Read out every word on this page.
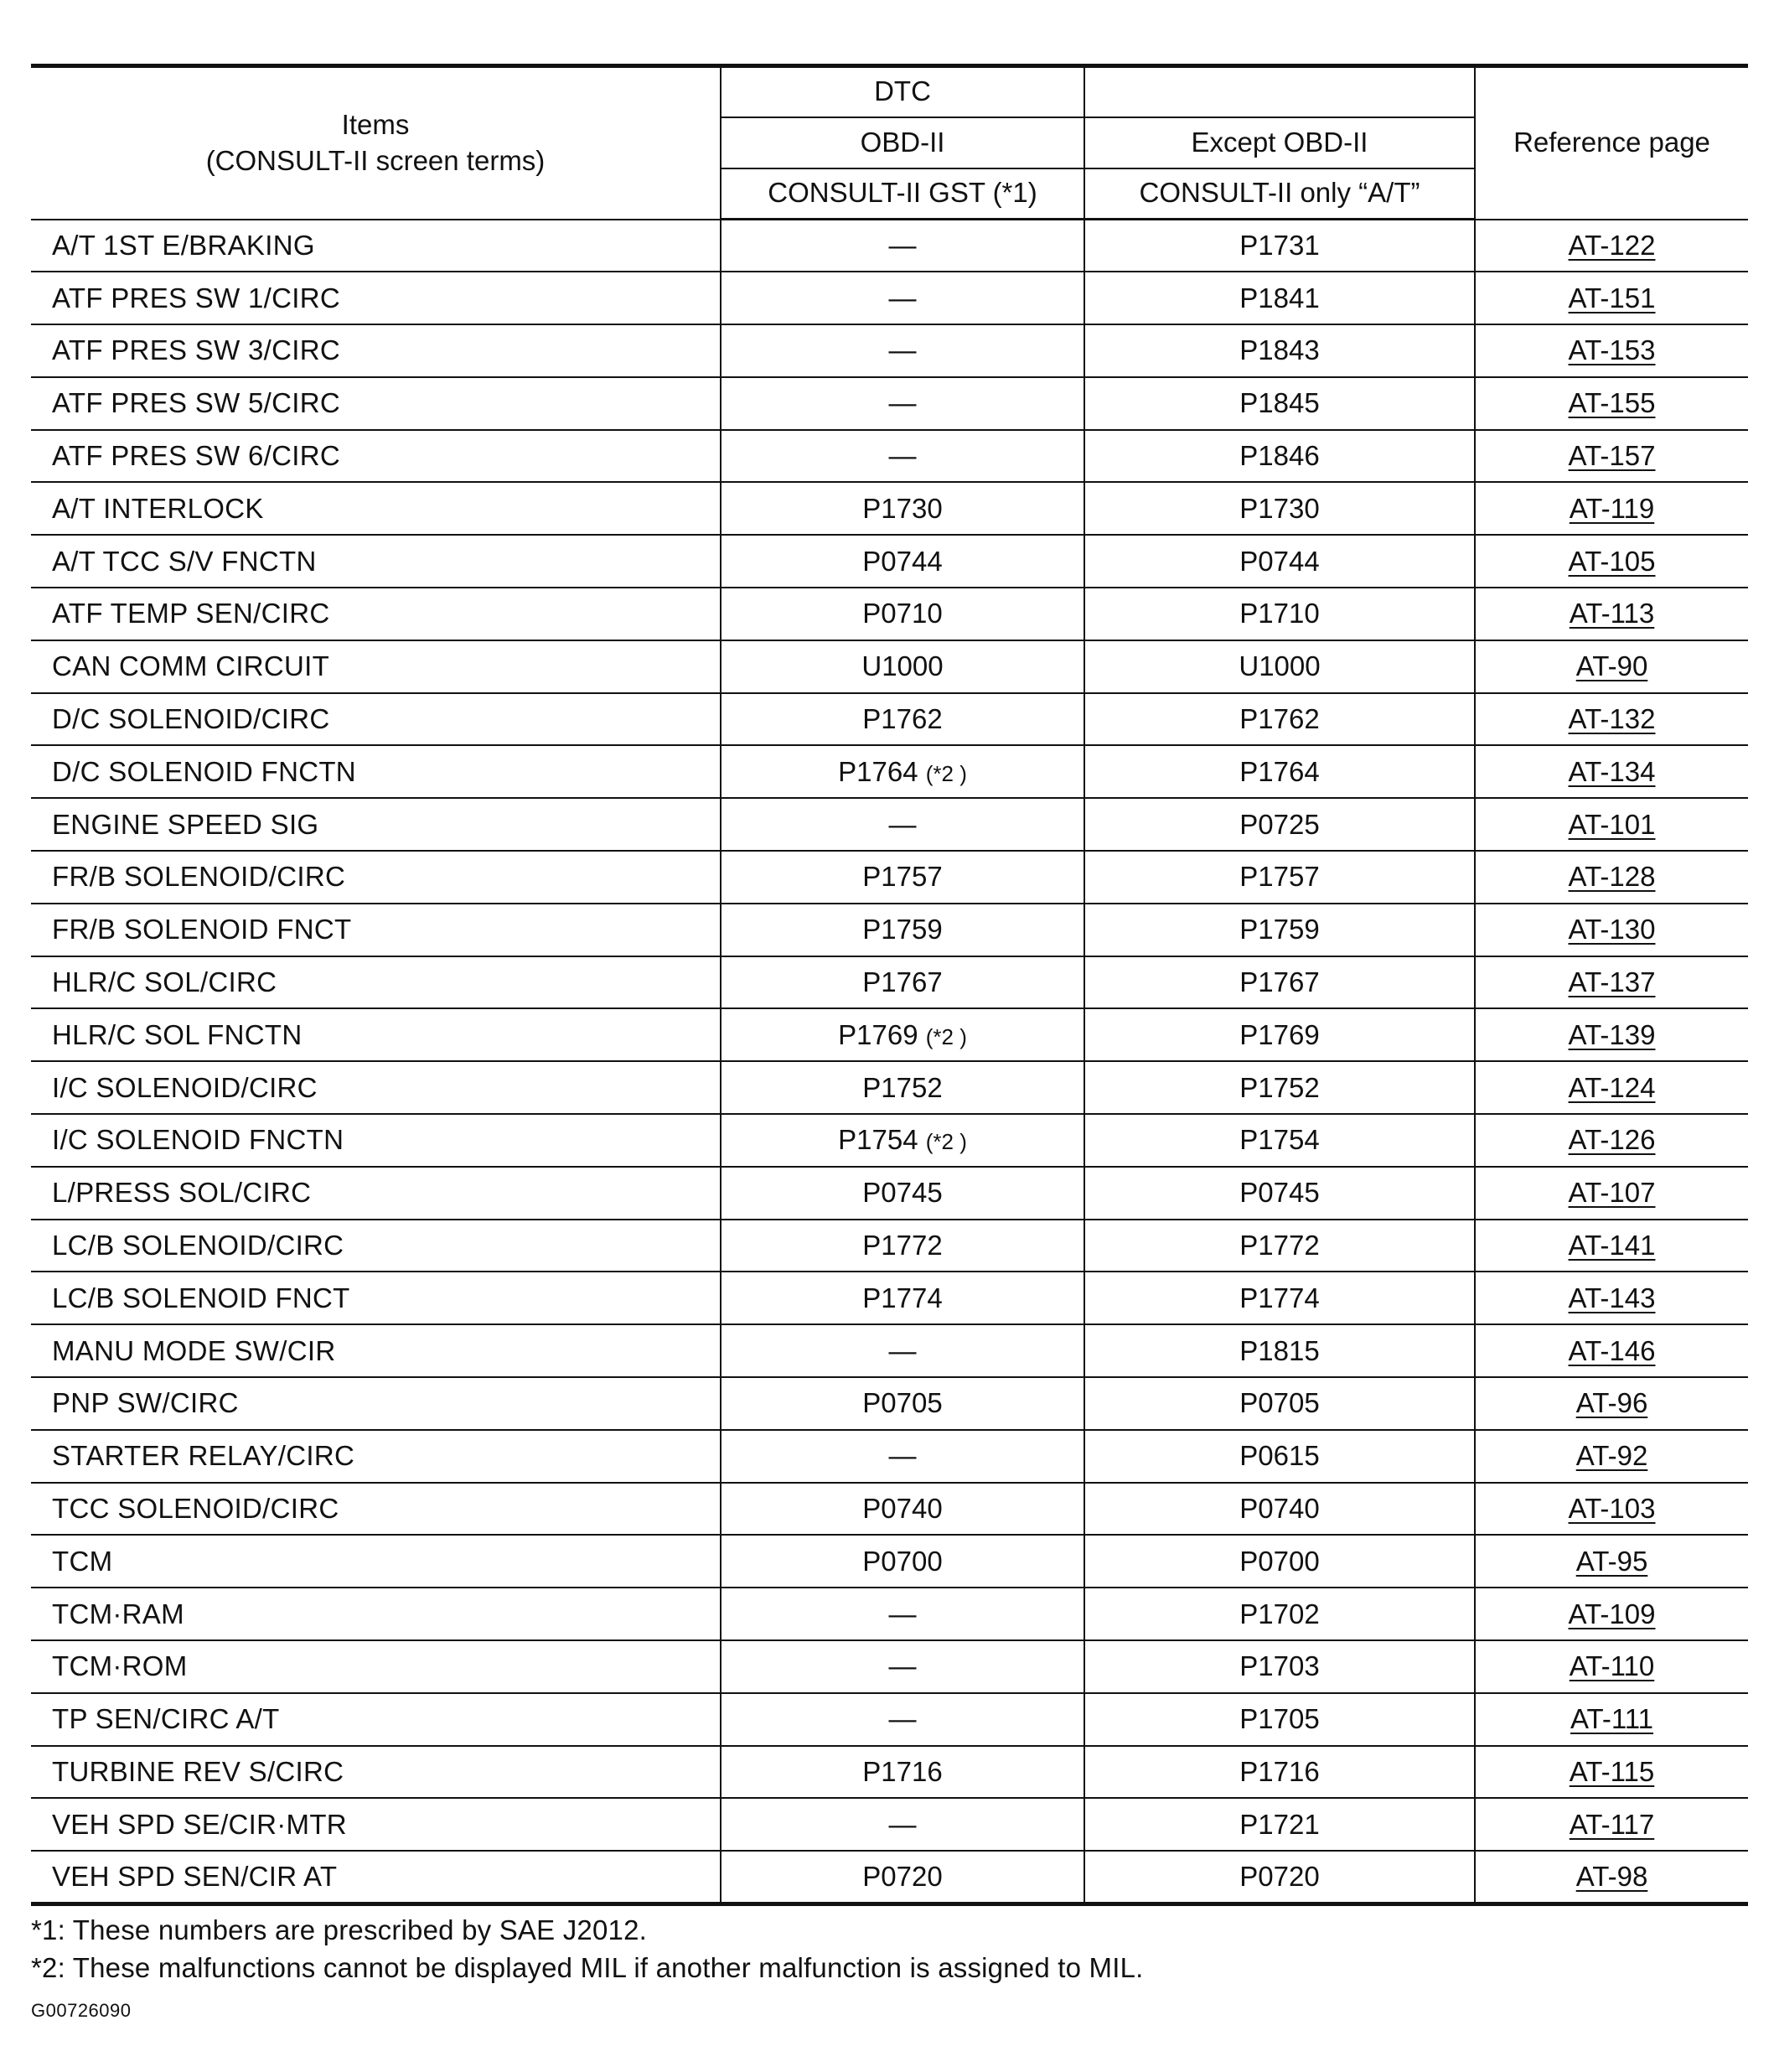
Items
(CONSULT-II screen terms)	DTC		Reference page
	OBD-II	Except OBD-II	
	CONSULT-II GST (*1)	CONSULT-II only “A/T”	
A/T 1ST E/BRAKING	—	P1731	AT-122
ATF PRES SW 1/CIRC	—	P1841	AT-151
ATF PRES SW 3/CIRC	—	P1843	AT-153
ATF PRES SW 5/CIRC	—	P1845	AT-155
ATF PRES SW 6/CIRC	—	P1846	AT-157
A/T INTERLOCK	P1730	P1730	AT-119
A/T TCC S/V FNCTN	P0744	P0744	AT-105
ATF TEMP SEN/CIRC	P0710	P1710	AT-113
CAN COMM CIRCUIT	U1000	U1000	AT-90
D/C SOLENOID/CIRC	P1762	P1762	AT-132
D/C SOLENOID FNCTN	P1764 (*2 )	P1764	AT-134
ENGINE SPEED SIG	—	P0725	AT-101
FR/B SOLENOID/CIRC	P1757	P1757	AT-128
FR/B SOLENOID FNCT	P1759	P1759	AT-130
HLR/C SOL/CIRC	P1767	P1767	AT-137
HLR/C SOL FNCTN	P1769 (*2 )	P1769	AT-139
I/C SOLENOID/CIRC	P1752	P1752	AT-124
I/C SOLENOID FNCTN	P1754 (*2 )	P1754	AT-126
L/PRESS SOL/CIRC	P0745	P0745	AT-107
LC/B SOLENOID/CIRC	P1772	P1772	AT-141
LC/B SOLENOID FNCT	P1774	P1774	AT-143
MANU MODE SW/CIR	—	P1815	AT-146
PNP SW/CIRC	P0705	P0705	AT-96
STARTER RELAY/CIRC	—	P0615	AT-92
TCC SOLENOID/CIRC	P0740	P0740	AT-103
TCM	P0700	P0700	AT-95
TCM·RAM	—	P1702	AT-109
TCM·ROM	—	P1703	AT-110
TP SEN/CIRC A/T	—	P1705	AT-111
TURBINE REV S/CIRC	P1716	P1716	AT-115
VEH SPD SE/CIR·MTR	—	P1721	AT-117
VEH SPD SEN/CIR AT	P0720	P0720	AT-98
*1: These numbers are prescribed by SAE J2012.
*2: These malfunctions cannot be displayed MIL if another malfunction is assigned to MIL.
G00726090
